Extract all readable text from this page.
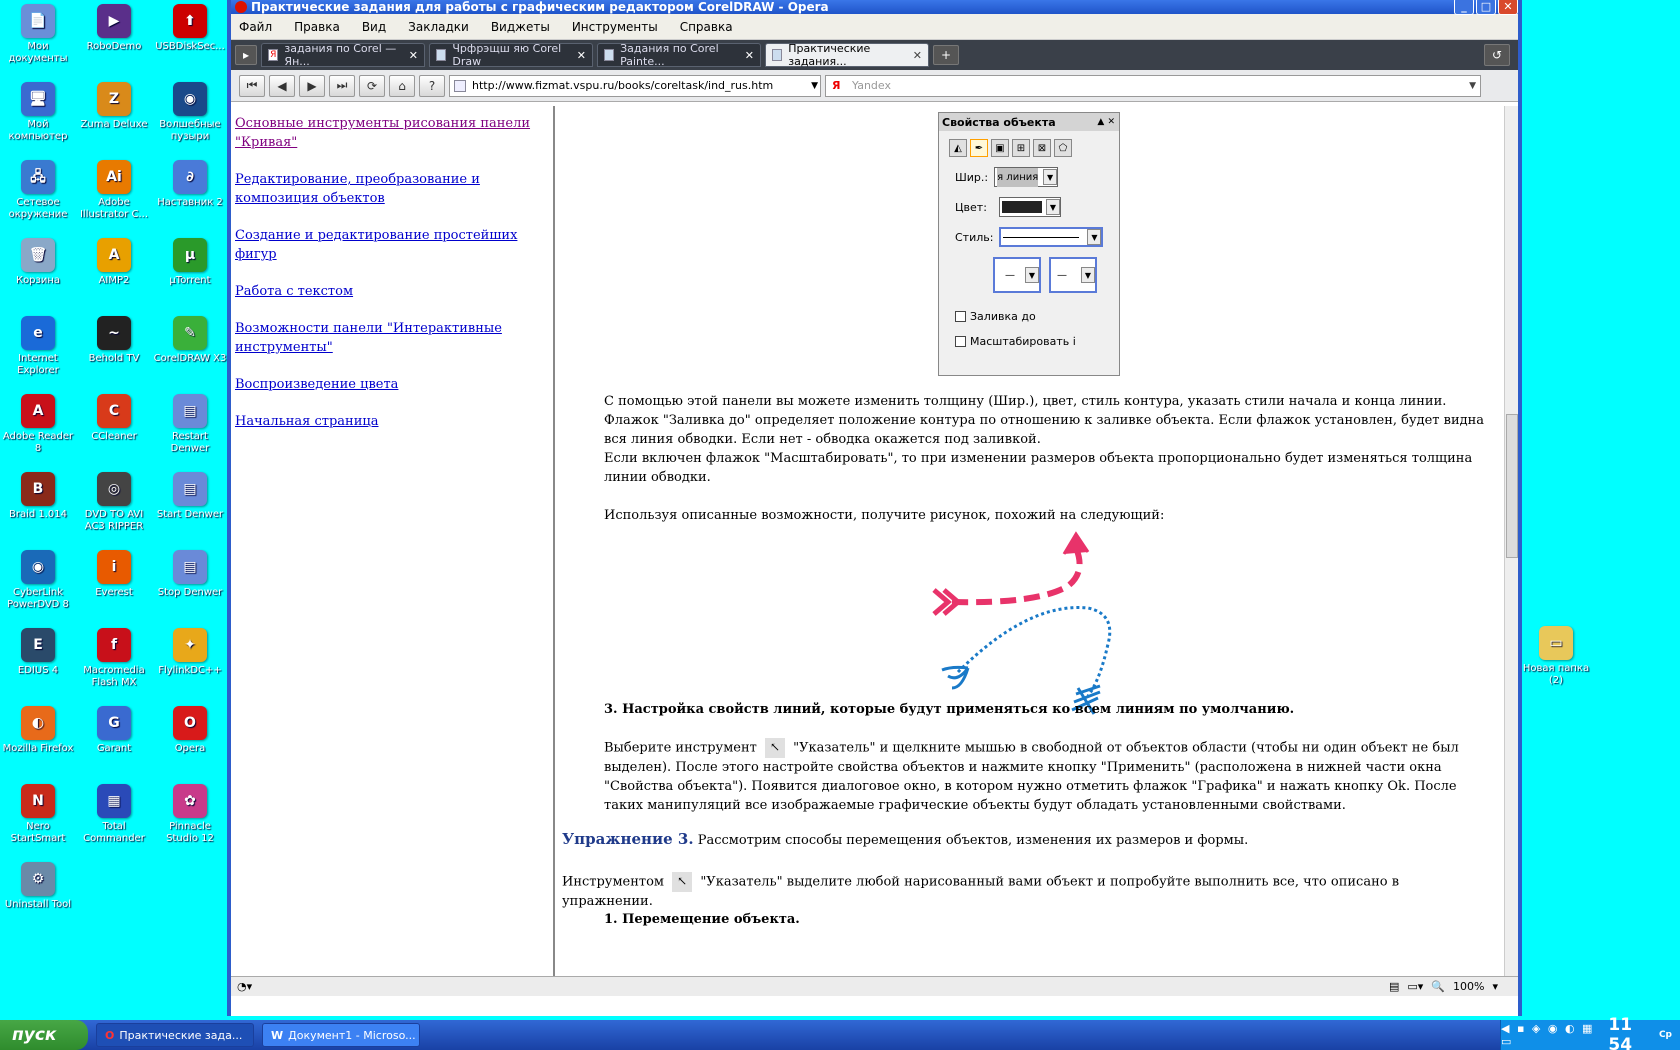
📄
Мои документы
▶
RoboDemo
⬆
USBDiskSec...
🖥
Мой компьютер
Z
Zuma Deluxe
◉
Волшебные пузыри
🖧
Сетевое окружение
Ai
Adobe Illustrator C...
∂
Наставник 2
🗑
Корзина
A
AIMP2
µ
µTorrent
e
Internet Explorer
~
Behold TV
✎
CorelDRAW X3
A
Adobe Reader 8
C
CCleaner
▤
Restart Denwer
B
Braid 1.014
◎
DVD TO AVI AC3 RIPPER
▤
Start Denwer
◉
CyberLink PowerDVD 8
i
Everest
▤
Stop Denwer
E
EDIUS 4
f
Macromedia Flash MX
✦
FlylinkDC++
◐
Mozilla Firefox
G
Garant
O
Opera
N
Nero StartSmart
▦
Total Commander
✿
Pinnacle Studio 12
⚙
Uninstall Tool
▭
Новая папка (2)
Практические задания для работы с графическим редактором CorelDRAW - Opera	_	□	✕
Файл Правка Вид Закладки Виджеты Инструменты Справка
▸	Я задания по Corel — Ян...	✕	Чрфрэщш яю Corel Draw	✕	Задания по Corel Painte...	✕	Практические задания...	✕	+	↺
⏮	◀	▶	⏭	⟳	⌂	?	http://www.fizmat.vspu.ru/books/coreltask/ind_rus.htm	▼ Я Yandex	▼
Основные инструменты рисования панели "Кривая"
Редактирование, преобразование и композиция объектов
Создание и редактирование простейших фигур
Работа с текстом
Возможности панели "Интерактивные инструменты"
Воспроизведение цвета
Начальная страница
Свойства объекта	▲ ✕
◭	✒	▣	⊞	⊠	⬠
Шир.: я линия	▼
Цвет:	▼
Стиль:	▼
—	▼	—	▼
Заливка до
Масштабировать і

С помощью этой панели вы можете изменить толщину (Шир.), цвет, стиль контура, указать стили начала и конца линии.

Флажок "Заливка до" определяет положение контура по отношению к заливке объекта. Если флажок установлен, будет видна вся линия обводки. Если нет - обводка окажется под заливкой.

Если включен флажок "Масштабировать", то при изменении размеров объекта пропорционально будет изменяться толщина линии обводки.

Используя описанные возможности, получите рисунок, похожий на следующий:

3. Настройка свойств линий, которые будут применяться ко всем линиям по умолчанию.

Выберите инструмент ↖ "Указатель" и щелкните мышью в свободной от объектов области (чтобы ни один объект не был выделен). После этого настройте свойства объектов и нажмите кнопку "Применить" (расположена в нижней части окна "Свойства объекта"). Появится диалоговое окно, в котором нужно отметить флажок "Графика" и нажать кнопку Ok. После таких манипуляций все изображаемые графические объекты будут обладать установленными свойствами.

Упражнение 3. Рассмотрим способы перемещения объектов, изменения их размеров и формы.

Инструментом ↖ "Указатель" выделите любой нарисованный вами объект и попробуйте выполнить все, что описано в упражнении.

1. Перемещение объекта.

◔▾	▤ ▭▾ 🔍 100% ▾
пуск	O Практические зада...	W Документ1 - Microso...	◀ ▪ ◈ ◉ ◐ ▦ ▭
11 54	Ср
